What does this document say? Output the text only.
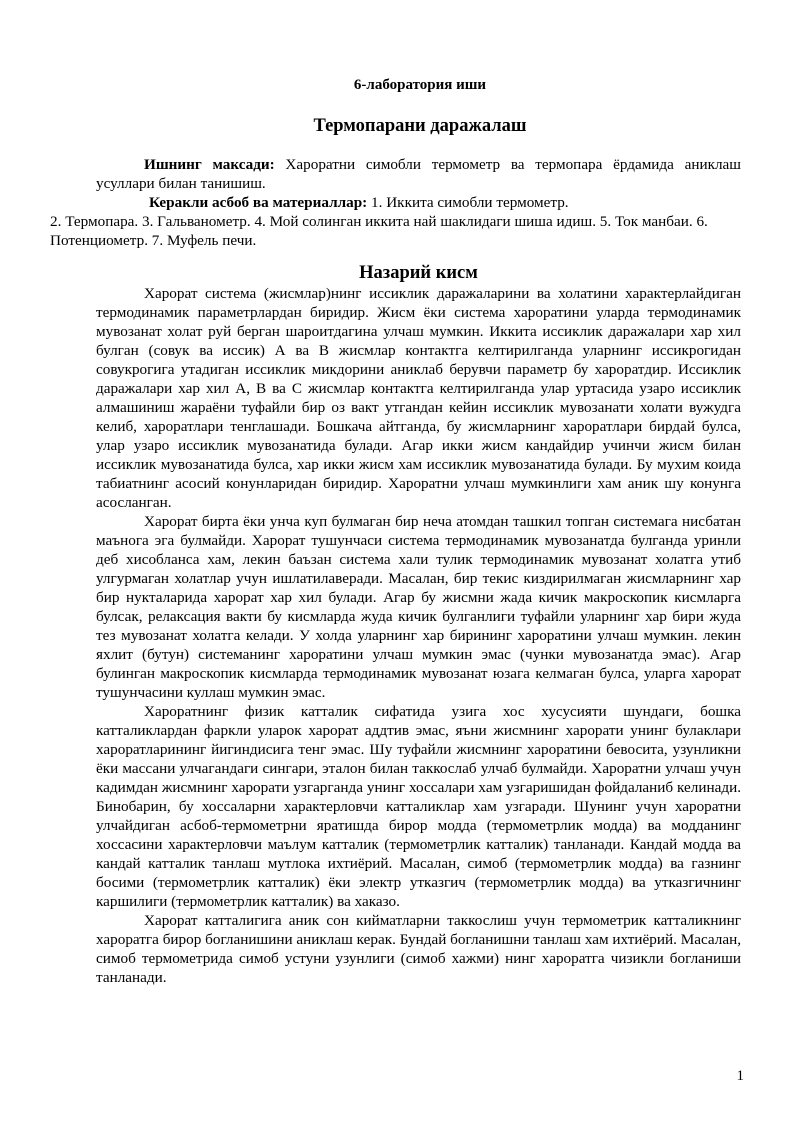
6-лаборатория иши
Термопарани даражалаш

Ишнинг максади: Хароратни симобли термометр ва термопара ёрдамида аниклаш усуллари билан танишиш.

Керакли асбоб ва материаллар: 1. Иккита симобли термометр.

2. Термопара. 3. Гальванометр. 4. Мой солинган иккита най шаклидаги шиша идиш. 5. Ток манбаи. 6. Потенциометр. 7. Муфель печи.

Назарий кисм

Харорат система (жисмлар)нинг иссиклик даражаларини ва холатини характерлайдиган термодинамик параметрлардан биридир. Жисм ёки система хароратини уларда термодинамик мувозанат холат руй берган шароитдагина улчаш мумкин. Иккита иссиклик даражалари хар хил булган (совук ва иссик) А ва В жисмлар контактга келтирилганда уларнинг иссикрогидан совукрогига утадиган иссиклик микдорини аниклаб берувчи параметр бу хароратдир. Иссиклик даражалари хар хил А, В ва С жисмлар контактга келтирилганда улар уртасида узаро иссиклик алмашиниш жараёни туфайли бир оз вакт утгандан кейин иссиклик мувозанати холати вужудга келиб, хароратлари тенглашади. Бошкача айтганда, бу жисмларнинг хароратлари бирдай булса, улар узаро иссиклик мувозанатида булади. Агар икки жисм кандайдир учинчи жисм билан иссиклик мувозанатида булса, хар икки жисм хам иссиклик мувозанатида булади. Бу мухим коида табиатнинг асосий конунларидан биридир. Хароратни улчаш мумкинлиги хам аник шу конунга асосланган.

Харорат бирта ёки унча куп булмаган бир неча атомдан ташкил топган системага нисбатан маънога эга булмайди. Харорат тушунчаси система термодинамик мувозанатда булганда уринли деб хисобланса хам, лекин баъзан система хали тулик термодинамик мувозанат холатга утиб улгурмаган холатлар учун ишлатилаверади. Масалан, бир текис киздирилмаган жисмларнинг хар бир нукталарида харорат хар хил булади. Агар бу жисмни жада кичик макроскопик кисмларга булсак, релаксация вакти бу кисмларда жуда кичик булганлиги туфайли уларнинг хар бири жуда тез мувозанат холатга келади. У холда уларнинг хар бирининг хароратини улчаш мумкин. лекин яхлит (бутун) системанинг хароратини улчаш мумкин эмас (чунки мувозанатда эмас). Агар булинган макроскопик кисмларда термодинамик мувозанат юзага келмаган булса, уларга харорат тушунчасини куллаш мумкин эмас.

Хароратнинг физик катталик сифатида узига хос хусусияти шундаги, бошка катталиклардан фаркли уларок харорат аддтив эмас, яъни жисмнинг харорати унинг булаклари хароратларининг йигиндисига тенг эмас. Шу туфайли жисмнинг хароратини бевосита, узунликни ёки массани улчагандаги сингари, эталон билан таккослаб улчаб булмайди. Хароратни улчаш учун кадимдан жисмнинг харорати узгарганда унинг хоссалари хам узгаришидан фойдаланиб келинади. Бинобарин, бу хоссаларни характерловчи катталиклар хам узгаради. Шунинг учун хароратни улчайдиган асбоб-термометрни яратишда бирор модда (термометрлик модда) ва моддaнинг хоссасини характерловчи маълум катталик (термометрлик катталик) танланади. Кандай модда ва кандай катталик танлаш мутлока ихтиёрий. Масалан, симоб (термометрлик модда) ва газнинг босими (термометрлик катталик) ёки электр утказгич (термометрлик модда) ва утказгичнинг каршилиги (термометрлик катталик) ва хаказо.

Харорат катталигига аник сон кийматларни таккослиш учун термометрик катталикнинг хароратга бирор богланишини аниклаш керак. Бундай богланишни танлаш хам ихтиёрий. Масалан, симоб термометрида симоб устуни узунлиги (симоб хажми) нинг хароратга чизикли богланиши танланади.

1
